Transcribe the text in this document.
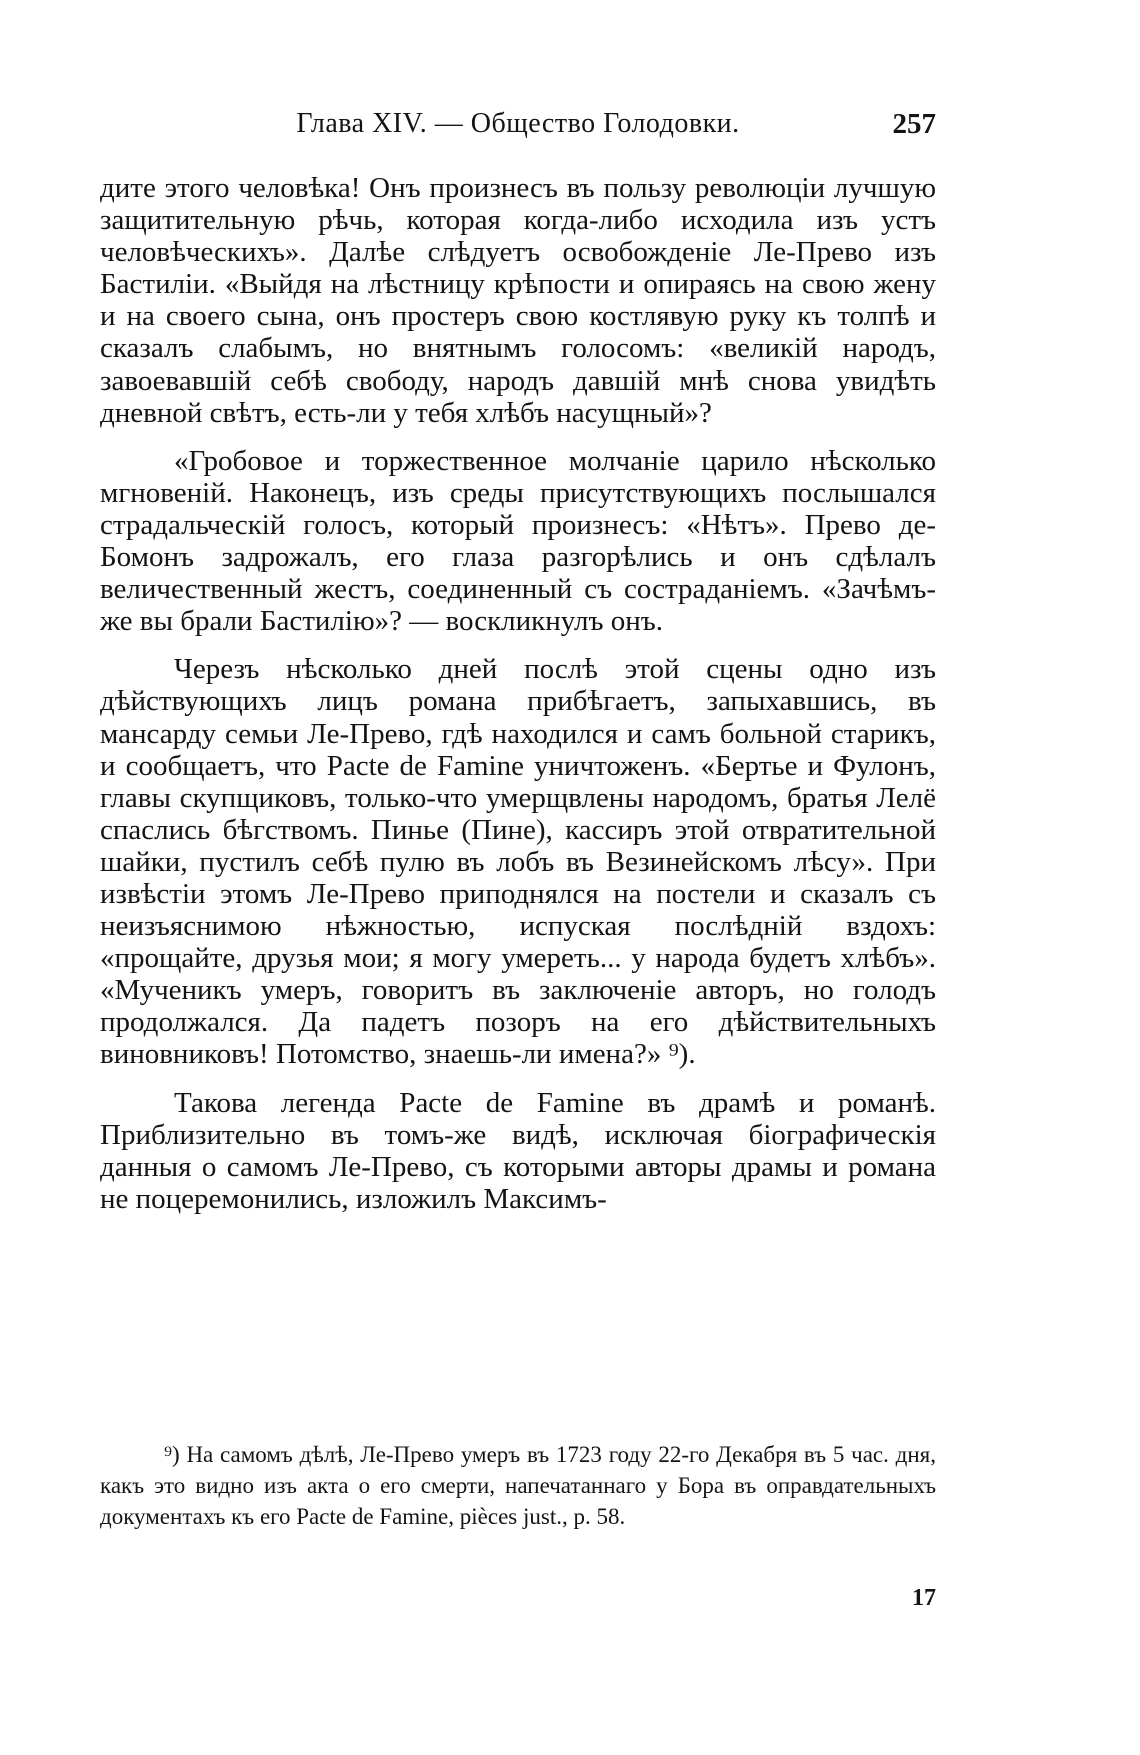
Глава XIV. — Общество Голодовки.	257

дите этого человѣка! Онъ произнесъ въ пользу революціи лучшую защитительную рѣчь, которая когда-либо исходила изъ устъ человѣческихъ». Далѣе слѣдуетъ освобожденіе Ле-Прево изъ Бастиліи. «Выйдя на лѣстницу крѣпости и опираясь на свою жену и на своего сына, онъ простеръ свою костлявую руку къ толпѣ и сказалъ слабымъ, но внятнымъ голосомъ: «великій народъ, завоевавшій себѣ свободу, народъ давшій мнѣ снова увидѣть дневной свѣтъ, есть-ли у тебя хлѣбъ насущный»?

«Гробовое и торжественное молчаніе царило нѣсколько мгновеній. Наконецъ, изъ среды присутствующихъ послышался страдальческій голосъ, который произнесъ: «Нѣтъ». Прево де-Бомонъ задрожалъ, его глаза разгорѣлись и онъ сдѣлалъ величественный жестъ, соединенный съ состраданіемъ. «Зачѣмъ-же вы брали Бастилію»? — воскликнулъ онъ.

Черезъ нѣсколько дней послѣ этой сцены одно изъ дѣйствующихъ лицъ романа прибѣгаетъ, запыхавшись, въ мансарду семьи Ле-Прево, гдѣ находился и самъ больной старикъ, и сообщаетъ, что Pacte de Famine уничтоженъ. «Бертье и Фулонъ, главы скупщиковъ, только-что умерщвлены народомъ, братья Лелё спаслись бѣгствомъ. Пинье (Пине), кассиръ этой отвратительной шайки, пустилъ себѣ пулю въ лобъ въ Везинейскомъ лѣсу». При извѣстіи этомъ Ле-Прево приподнялся на постели и сказалъ съ неизъяснимою нѣжностью, испуская послѣдній вздохъ: «прощайте, друзья мои; я могу умереть... у народа будетъ хлѣбъ». «Мученикъ умеръ, говоритъ въ заключеніе авторъ, но голодъ продолжался. Да падетъ позоръ на его дѣйствительныхъ виновниковъ! Потомство, знаешь-ли имена?» ⁹).

Такова легенда Pacte de Famine въ драмѣ и романѣ. Приблизительно въ томъ-же видѣ, исключая біографическія данныя о самомъ Ле-Прево, съ которыми авторы драмы и романа не поцеремонились, изложилъ Максимъ-

⁹) На самомъ дѣлѣ, Ле-Прево умеръ въ 1723 году 22-го Декабря въ 5 час. дня, какъ это видно изъ акта о его смерти, напечатаннаго у Бора въ оправдательныхъ документахъ къ его Pacte de Famine, pièces just., p. 58.

17
